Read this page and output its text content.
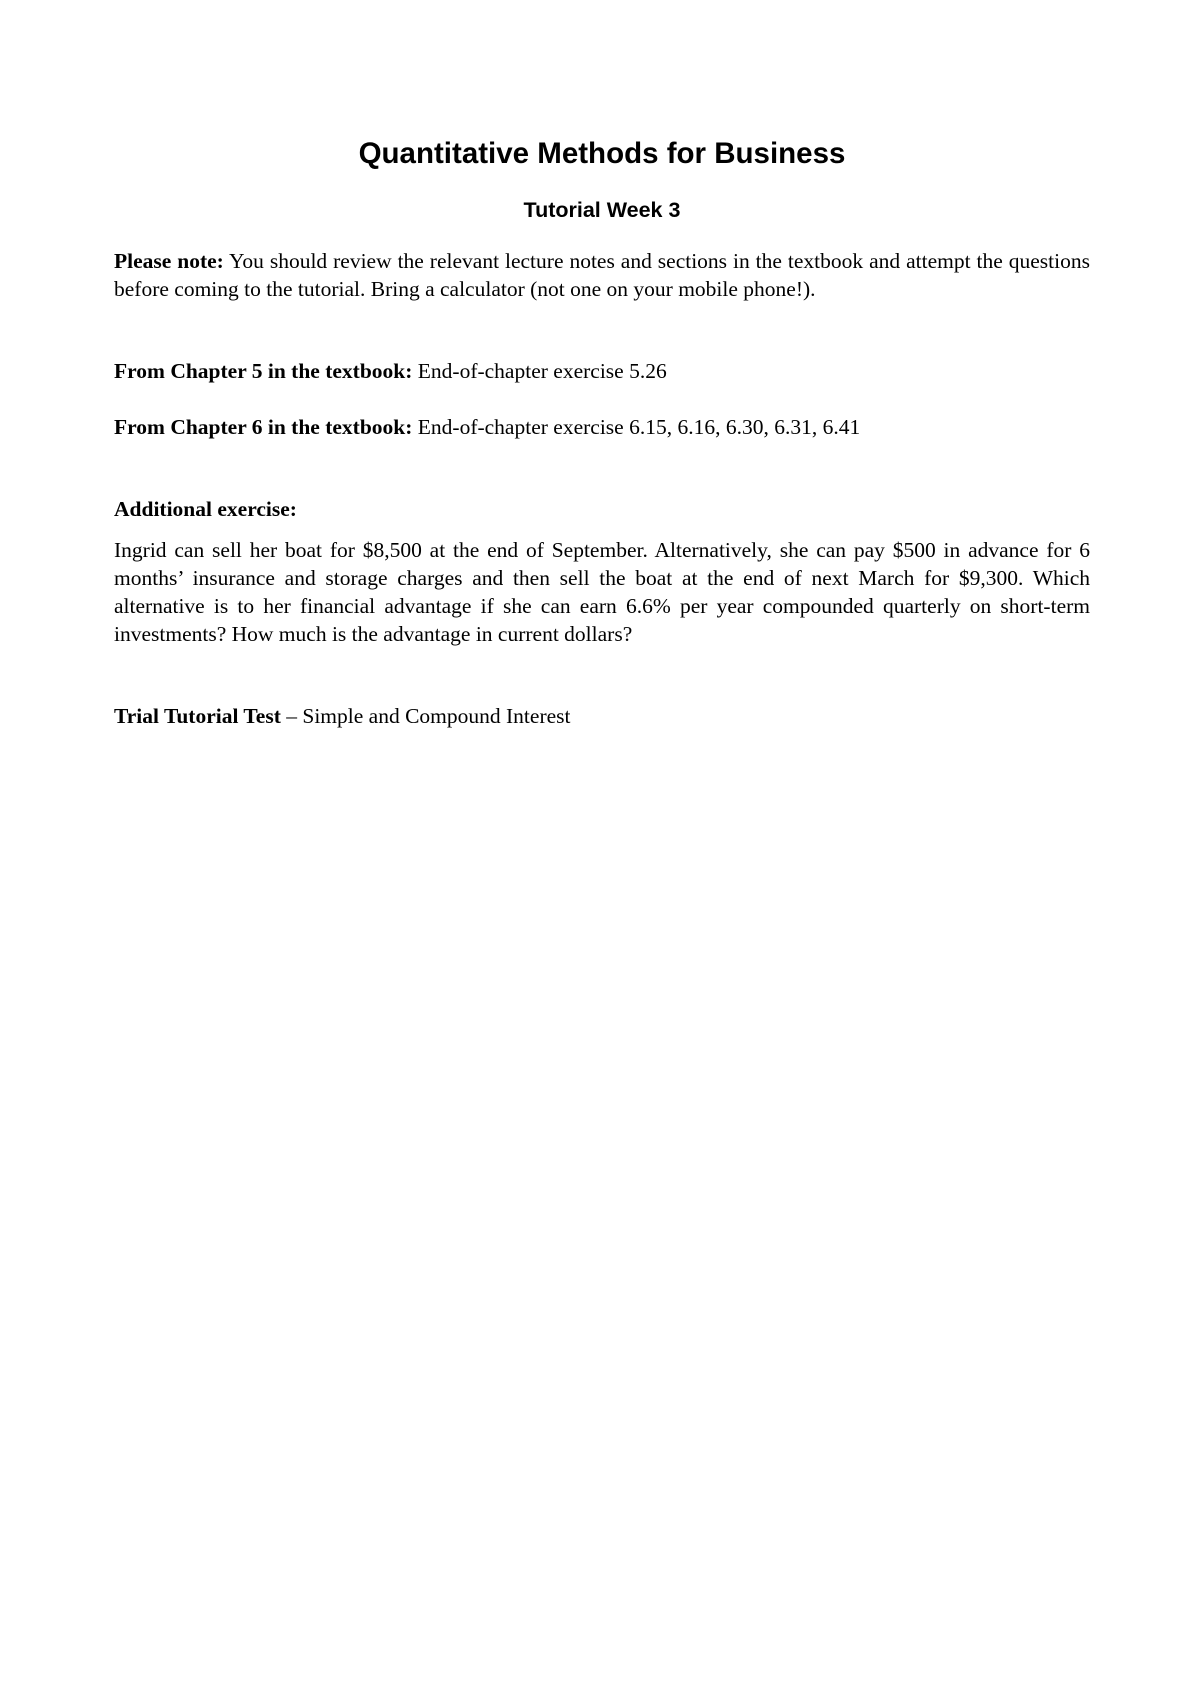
Quantitative Methods for Business
Tutorial Week 3

Please note: You should review the relevant lecture notes and sections in the textbook and attempt the questions before coming to the tutorial. Bring a calculator (not one on your mobile phone!).

From Chapter 5 in the textbook: End-of-chapter exercise 5.26

From Chapter 6 in the textbook: End-of-chapter exercise 6.15, 6.16, 6.30, 6.31, 6.41

Additional exercise:

Ingrid can sell her boat for $8,500 at the end of September. Alternatively, she can pay $500 in advance for 6 months’ insurance and storage charges and then sell the boat at the end of next March for $9,300. Which alternative is to her financial advantage if she can earn 6.6% per year compounded quarterly on short-term investments? How much is the advantage in current dollars?

Trial Tutorial Test – Simple and Compound Interest
